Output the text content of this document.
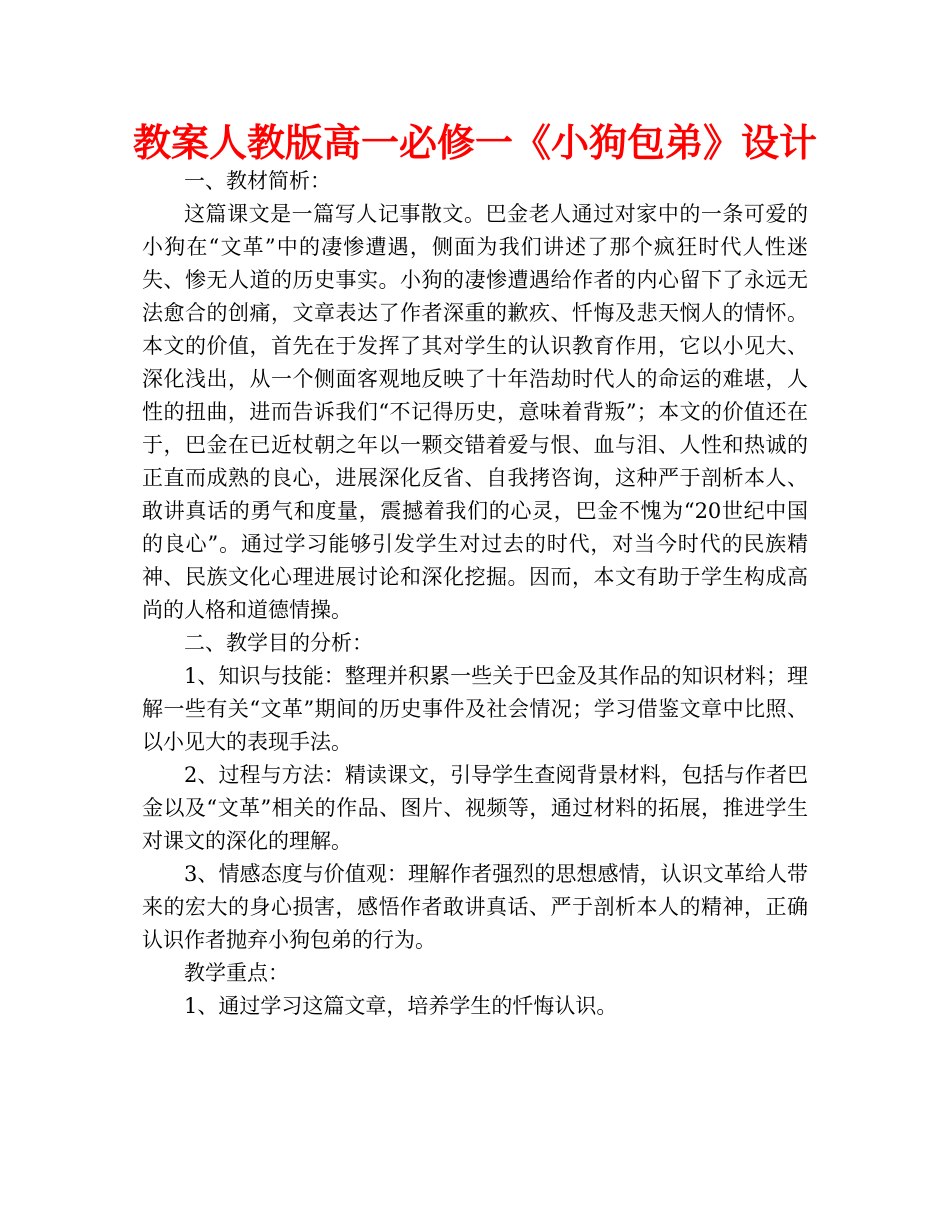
教案人教版高一必修一《小狗包弟》设计

一、教材简析：

这篇课文是一篇写人记事散文。巴金老人通过对家中的一条可爱的小狗在“文革”中的凄惨遭遇，侧面为我们讲述了那个疯狂时代人性迷失、惨无人道的历史事实。小狗的凄惨遭遇给作者的内心留下了永远无法愈合的创痛，文章表达了作者深重的歉疚、忏悔及悲天悯人的情怀。本文的价值，首先在于发挥了其对学生的认识教育作用，它以小见大、深化浅出，从一个侧面客观地反映了十年浩劫时代人的命运的难堪，人性的扭曲，进而告诉我们“不记得历史，意味着背叛”；本文的价值还在于，巴金在已近杖朝之年以一颗交错着爱与恨、血与泪、人性和热诚的正直而成熟的良心，进展深化反省、自我拷咨询，这种严于剖析本人、敢讲真话的勇气和度量，震撼着我们的心灵，巴金不愧为“20世纪中国的良心”。通过学习能够引发学生对过去的时代，对当今时代的民族精神、民族文化心理进展讨论和深化挖掘。因而，本文有助于学生构成高尚的人格和道德情操。

二、教学目的分析：

1、知识与技能：整理并积累一些关于巴金及其作品的知识材料；理解一些有关“文革”期间的历史事件及社会情况；学习借鉴文章中比照、以小见大的表现手法。

2、过程与方法：精读课文，引导学生查阅背景材料，包括与作者巴金以及“文革”相关的作品、图片、视频等，通过材料的拓展，推进学生对课文的深化的理解。

3、情感态度与价值观：理解作者强烈的思想感情，认识文革给人带来的宏大的身心损害，感悟作者敢讲真话、严于剖析本人的精神，正确认识作者抛弃小狗包弟的行为。

教学重点：

1、通过学习这篇文章，培养学生的忏悔认识。
